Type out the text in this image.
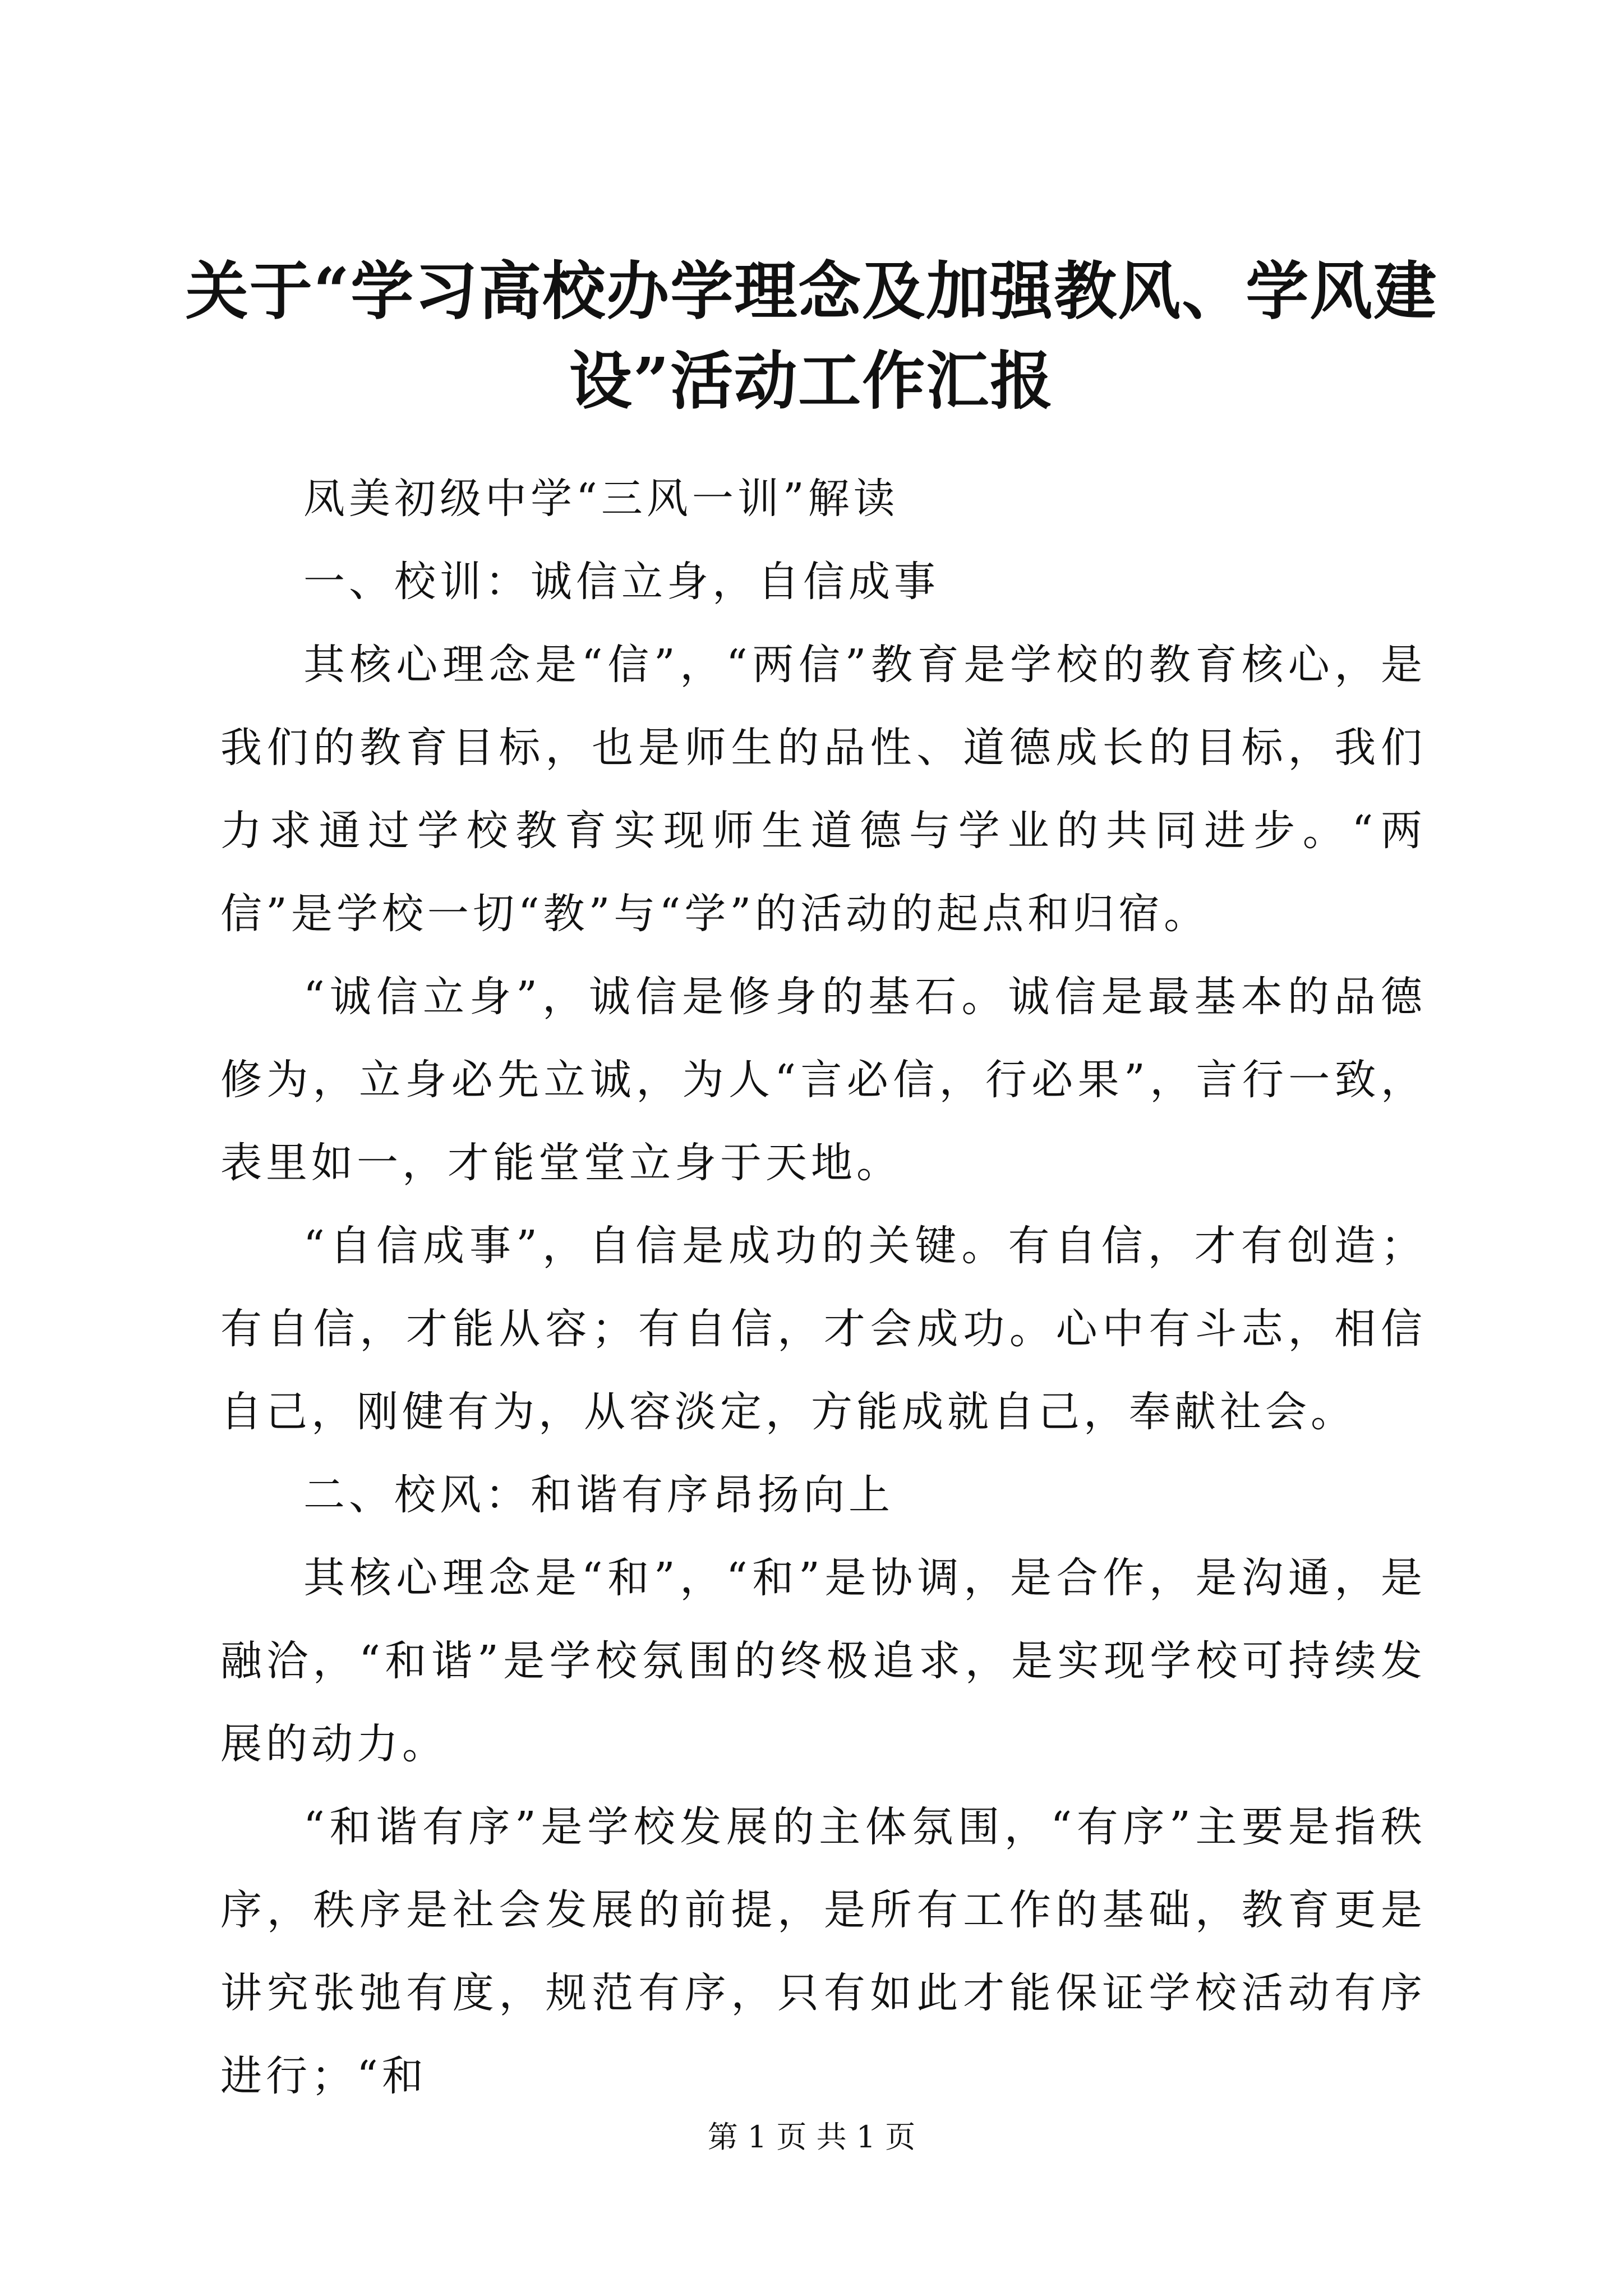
关于“学习高校办学理念及加强教风、学风建设”活动工作汇报

凤美初级中学“三风一训”解读

一、校训：诚信立身，自信成事

其核心理念是“信”，“两信”教育是学校的教育核心，是我们的教育目标，也是师生的品性、道德成长的目标，我们力求通过学校教育实现师生道德与学业的共同进步。“两信”是学校一切“教”与“学”的活动的起点和归宿。

“诚信立身”，诚信是修身的基石。诚信是最基本的品德修为，立身必先立诚，为人“言必信，行必果”，言行一致，表里如一，才能堂堂立身于天地。

“自信成事”，自信是成功的关键。有自信，才有创造；有自信，才能从容；有自信，才会成功。心中有斗志，相信自己，刚健有为，从容淡定，方能成就自己，奉献社会。

二、校风：和谐有序昂扬向上

其核心理念是“和”，“和”是协调，是合作，是沟通，是融洽，“和谐”是学校氛围的终极追求，是实现学校可持续发展的动力。

“和谐有序”是学校发展的主体氛围，“有序”主要是指秩序，秩序是社会发展的前提，是所有工作的基础，教育更是讲究张弛有度，规范有序，只有如此才能保证学校活动有序进行；“和

第 1 页 共 1 页
